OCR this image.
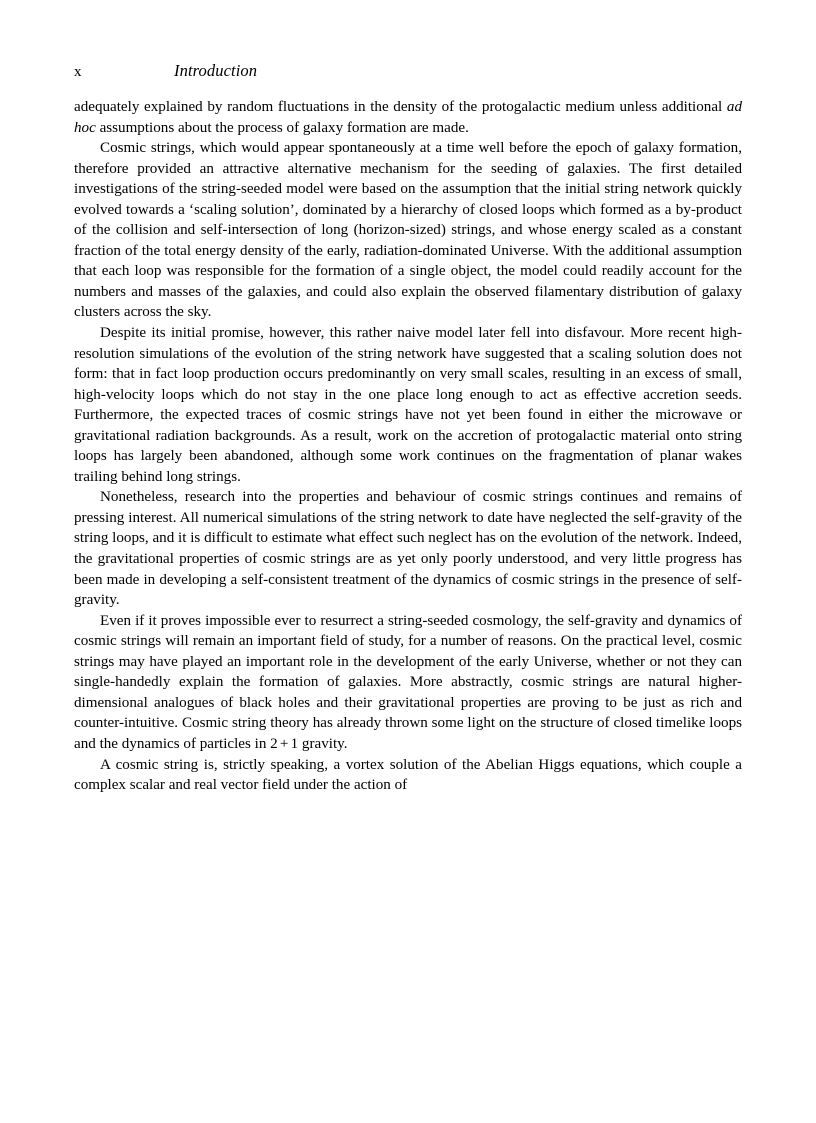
x	Introduction

adequately explained by random fluctuations in the density of the protogalactic medium unless additional ad hoc assumptions about the process of galaxy formation are made.

Cosmic strings, which would appear spontaneously at a time well before the epoch of galaxy formation, therefore provided an attractive alternative mechanism for the seeding of galaxies. The first detailed investigations of the string-seeded model were based on the assumption that the initial string network quickly evolved towards a ‘scaling solution’, dominated by a hierarchy of closed loops which formed as a by-product of the collision and self-intersection of long (horizon-sized) strings, and whose energy scaled as a constant fraction of the total energy density of the early, radiation-dominated Universe. With the additional assumption that each loop was responsible for the formation of a single object, the model could readily account for the numbers and masses of the galaxies, and could also explain the observed filamentary distribution of galaxy clusters across the sky.

Despite its initial promise, however, this rather naive model later fell into disfavour. More recent high-resolution simulations of the evolution of the string network have suggested that a scaling solution does not form: that in fact loop production occurs predominantly on very small scales, resulting in an excess of small, high-velocity loops which do not stay in the one place long enough to act as effective accretion seeds. Furthermore, the expected traces of cosmic strings have not yet been found in either the microwave or gravitational radiation backgrounds. As a result, work on the accretion of protogalactic material onto string loops has largely been abandoned, although some work continues on the fragmentation of planar wakes trailing behind long strings.

Nonetheless, research into the properties and behaviour of cosmic strings continues and remains of pressing interest. All numerical simulations of the string network to date have neglected the self-gravity of the string loops, and it is difficult to estimate what effect such neglect has on the evolution of the network. Indeed, the gravitational properties of cosmic strings are as yet only poorly understood, and very little progress has been made in developing a self-consistent treatment of the dynamics of cosmic strings in the presence of self-gravity.

Even if it proves impossible ever to resurrect a string-seeded cosmology, the self-gravity and dynamics of cosmic strings will remain an important field of study, for a number of reasons. On the practical level, cosmic strings may have played an important role in the development of the early Universe, whether or not they can single-handedly explain the formation of galaxies. More abstractly, cosmic strings are natural higher-dimensional analogues of black holes and their gravitational properties are proving to be just as rich and counter-intuitive. Cosmic string theory has already thrown some light on the structure of closed timelike loops and the dynamics of particles in 2 + 1 gravity.

A cosmic string is, strictly speaking, a vortex solution of the Abelian Higgs equations, which couple a complex scalar and real vector field under the action of
